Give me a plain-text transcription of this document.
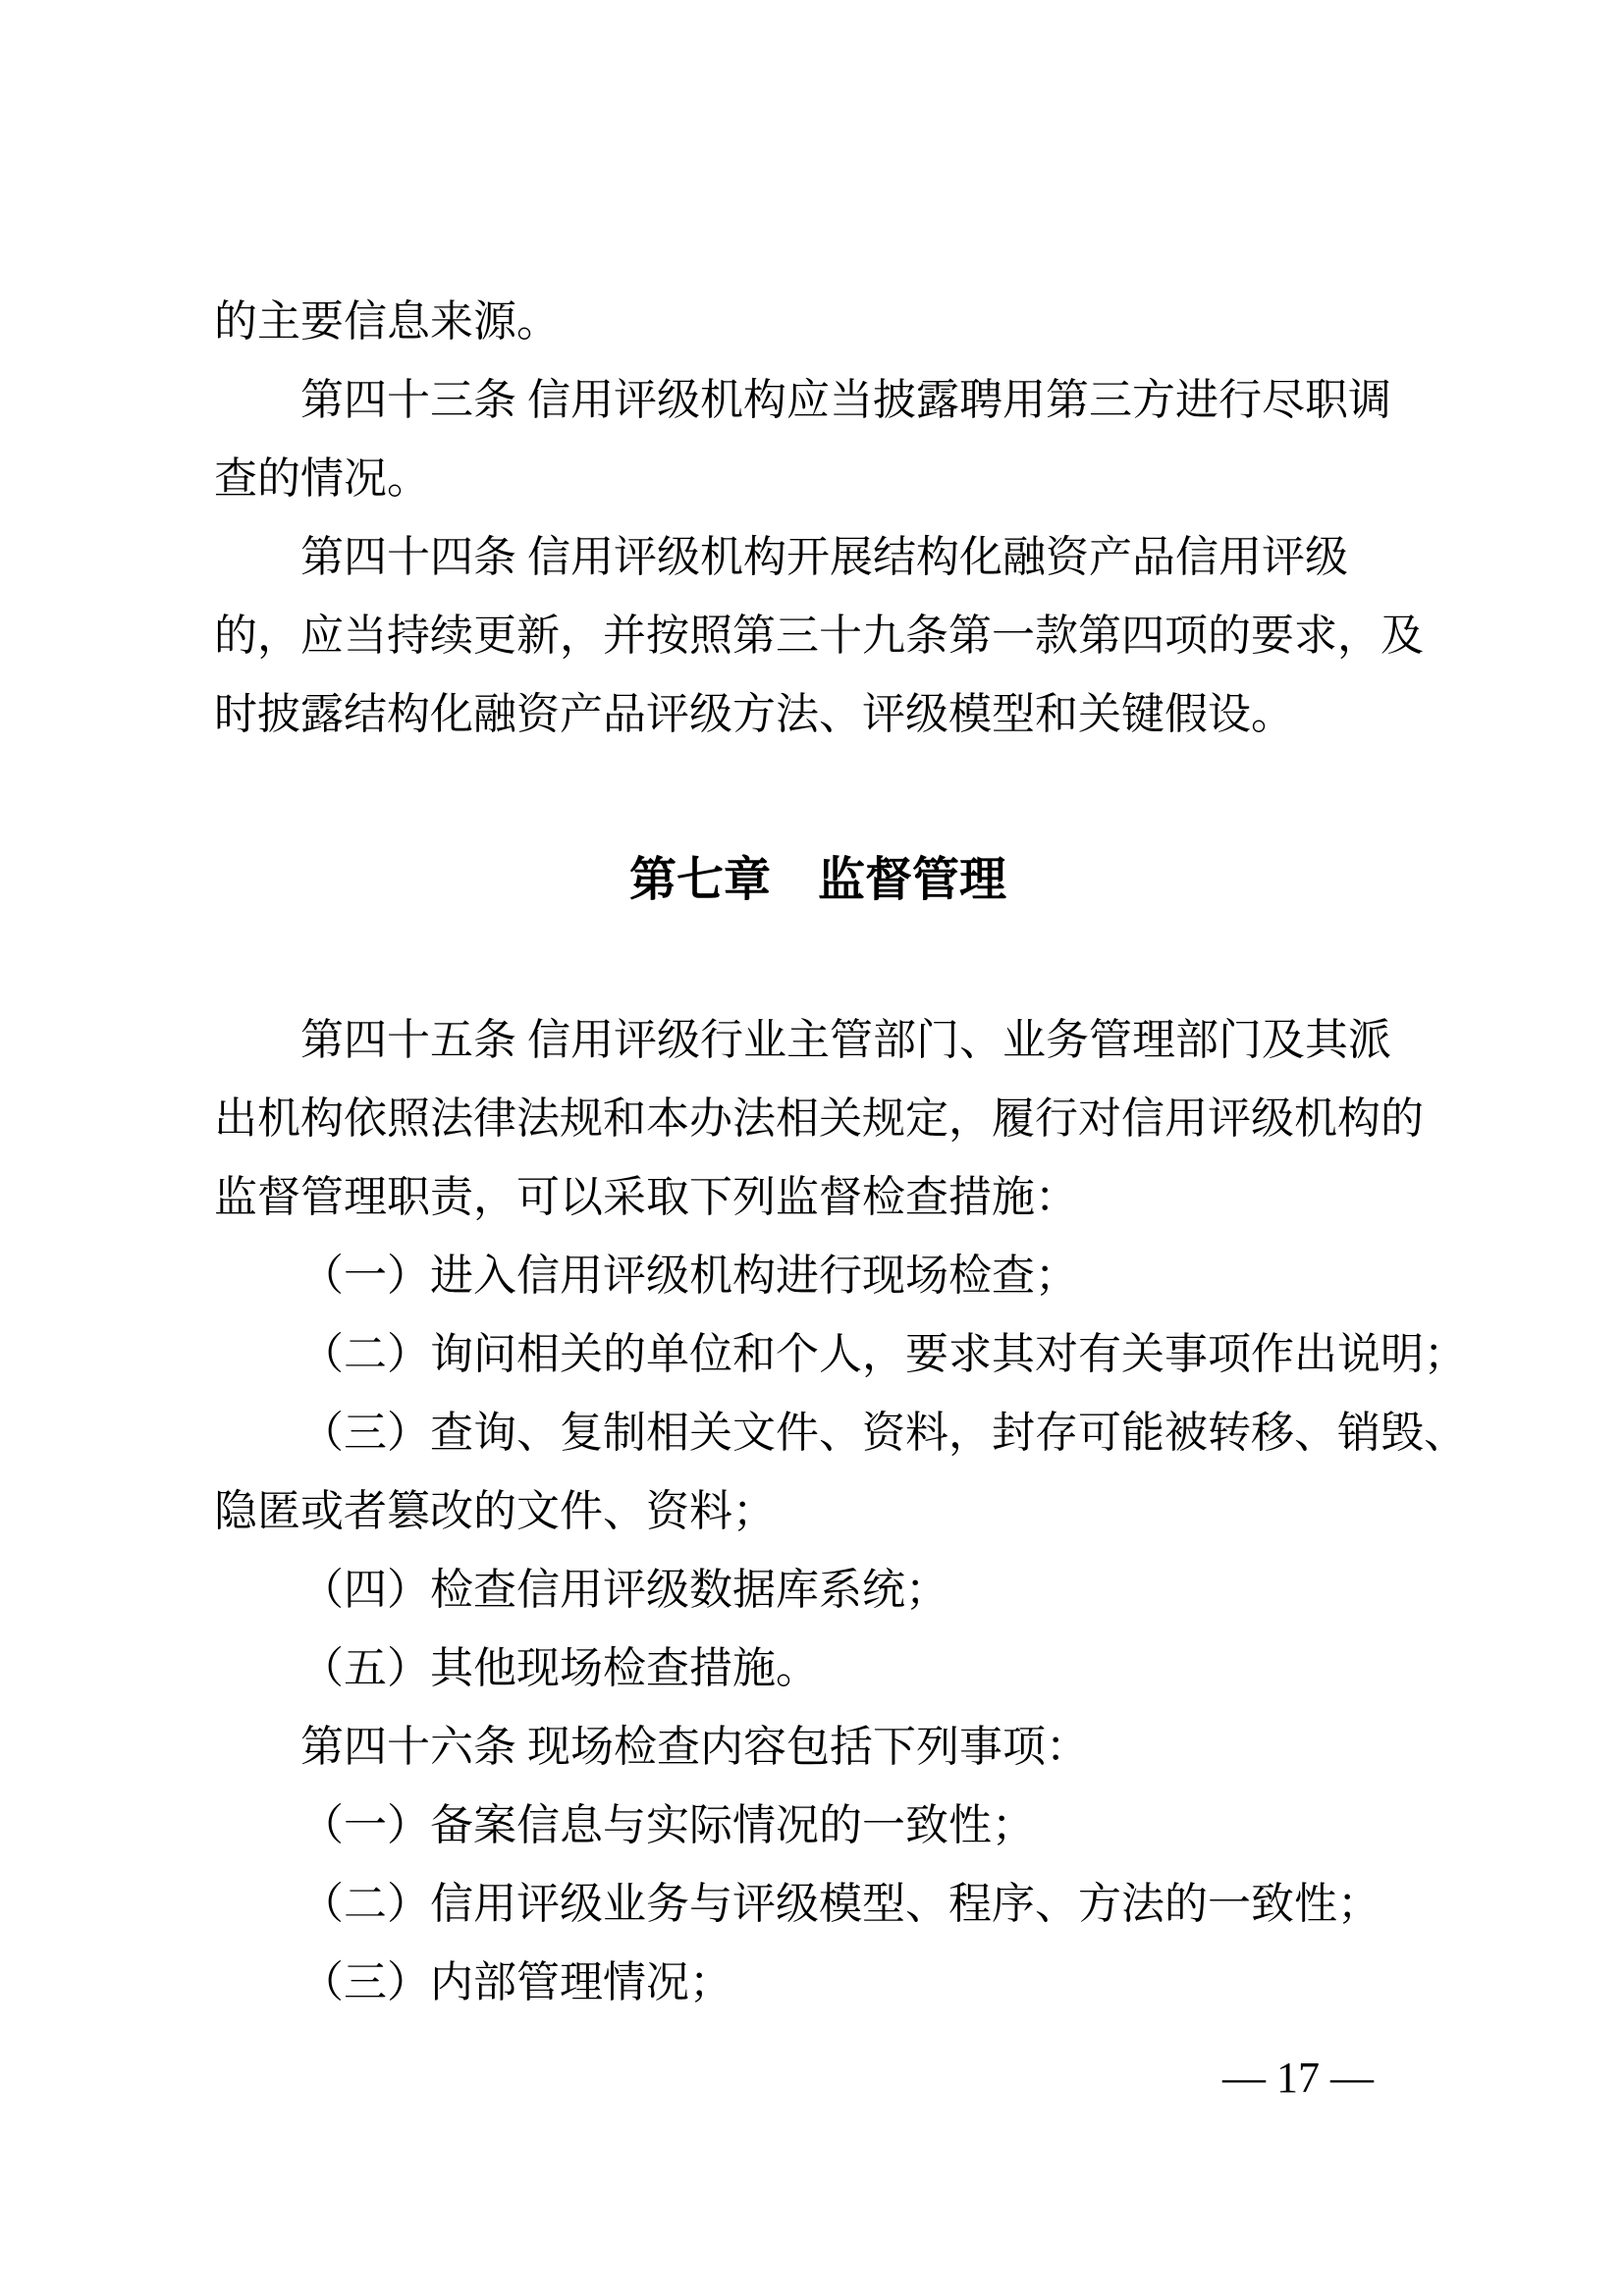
的主要信息来源。
第四十三条 信用评级机构应当披露聘用第三方进行尽职调
查的情况。
第四十四条 信用评级机构开展结构化融资产品信用评级
的，应当持续更新，并按照第三十九条第一款第四项的要求，及
时披露结构化融资产品评级方法、评级模型和关键假设。
第七章　监督管理
第四十五条 信用评级行业主管部门、业务管理部门及其派
出机构依照法律法规和本办法相关规定，履行对信用评级机构的
监督管理职责，可以采取下列监督检查措施：
（一）进入信用评级机构进行现场检查；
（二）询问相关的单位和个人，要求其对有关事项作出说明；
（三）查询、复制相关文件、资料，封存可能被转移、销毁、
隐匿或者篡改的文件、资料；
（四）检查信用评级数据库系统；
（五）其他现场检查措施。
第四十六条 现场检查内容包括下列事项：
（一）备案信息与实际情况的一致性；
（二）信用评级业务与评级模型、程序、方法的一致性；
（三）内部管理情况；
— 17 —
